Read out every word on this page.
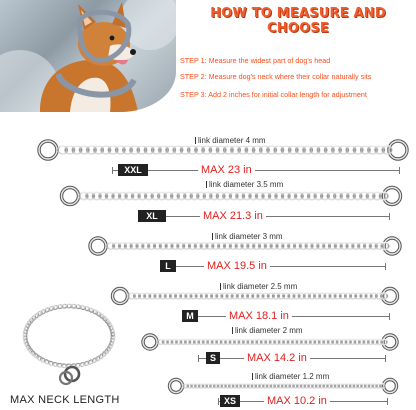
HOW TO MEASURE AND CHOOSE
STEP 1: Measure the widest part of dog's head
STEP 2: Measure dog's neck where their collar naturally sits
STEP 3: Add 2 inches for initial collar length for adjustment
link diameter 4 mm
XXL	MAX 23 in
link diameter 3.5 mm
XL	MAX 21.3 in
link diameter 3 mm
L	MAX 19.5 in
link diameter 2.5 mm
M	MAX 18.1 in
link diameter 2 mm
S	MAX 14.2 in
link diameter 1.2 mm
XS	MAX 10.2 in
MAX NECK LENGTH
